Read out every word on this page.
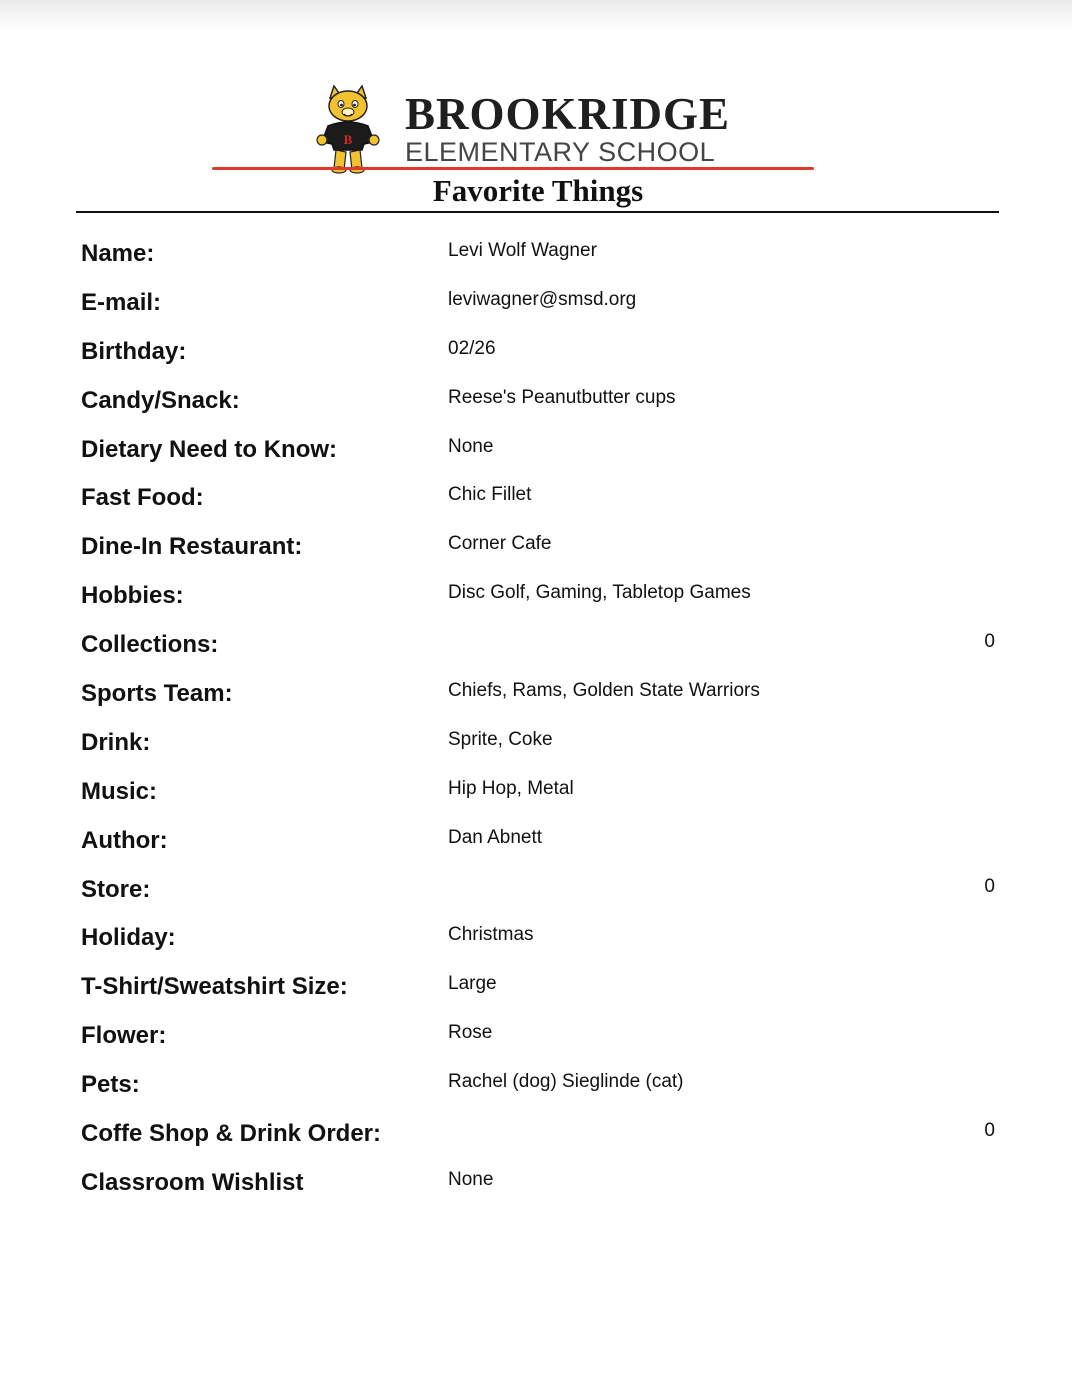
B
BROOKRIDGE
ELEMENTARY SCHOOL
Favorite Things
Name:	Levi Wolf Wagner
E-mail:	leviwagner@smsd.org
Birthday:	02/26
Candy/Snack:	Reese's Peanutbutter cups
Dietary Need to Know:	None
Fast Food:	Chic Fillet
Dine-In Restaurant:	Corner Cafe
Hobbies:	Disc Golf, Gaming, Tabletop Games
Collections:	0
Sports Team:	Chiefs, Rams, Golden State Warriors
Drink:	Sprite, Coke
Music:	Hip Hop, Metal
Author:	Dan Abnett
Store:	0
Holiday:	Christmas
T-Shirt/Sweatshirt Size:	Large
Flower:	Rose
Pets:	Rachel (dog) Sieglinde (cat)
Coffe Shop & Drink Order:	0
Classroom Wishlist	None
